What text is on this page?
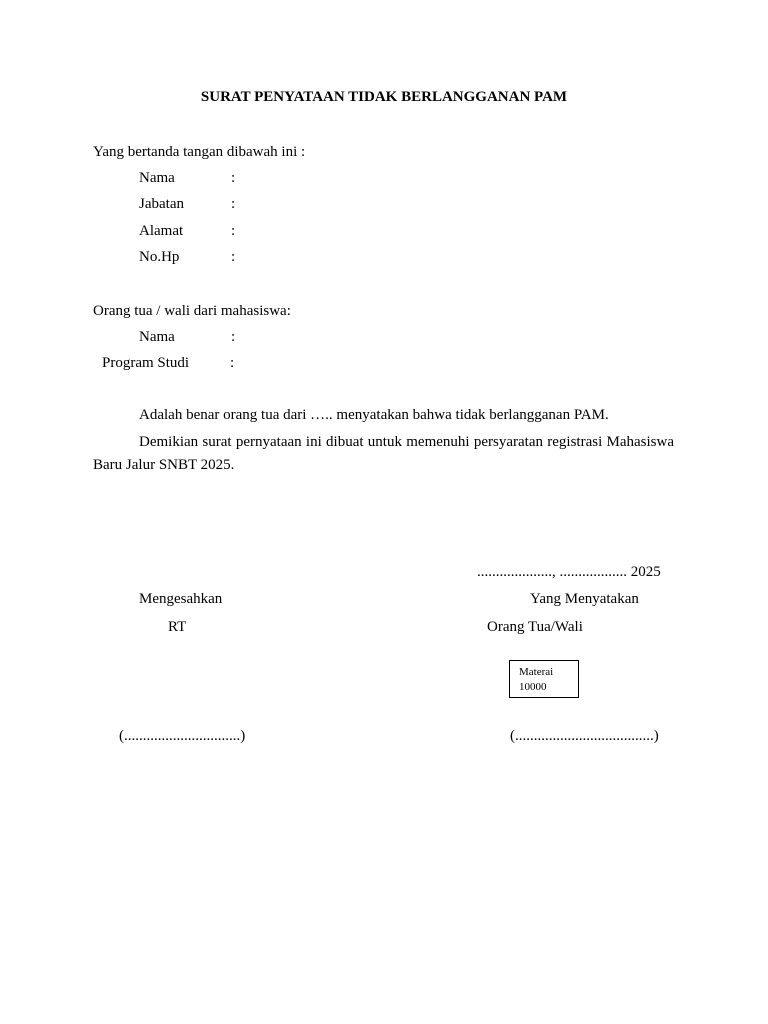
SURAT PENYATAAN TIDAK BERLANGGANAN PAM
Yang bertanda tangan dibawah ini :
Nama	:
Jabatan	:
Alamat	:
No.Hp	:
Orang tua / wali dari mahasiswa:
Nama	:
Program Studi	:
Adalah benar orang tua dari ….. menyatakan bahwa tidak berlangganan PAM.
Demikian surat pernyataan ini dibuat untuk memenuhi persyaratan registrasi Mahasiswa Baru Jalur SNBT 2025.
...................., .................. 2025
Mengesahkan
RT
(...............................)
Yang Menyatakan
Orang Tua/Wali
Materai
10000
(.....................................)
